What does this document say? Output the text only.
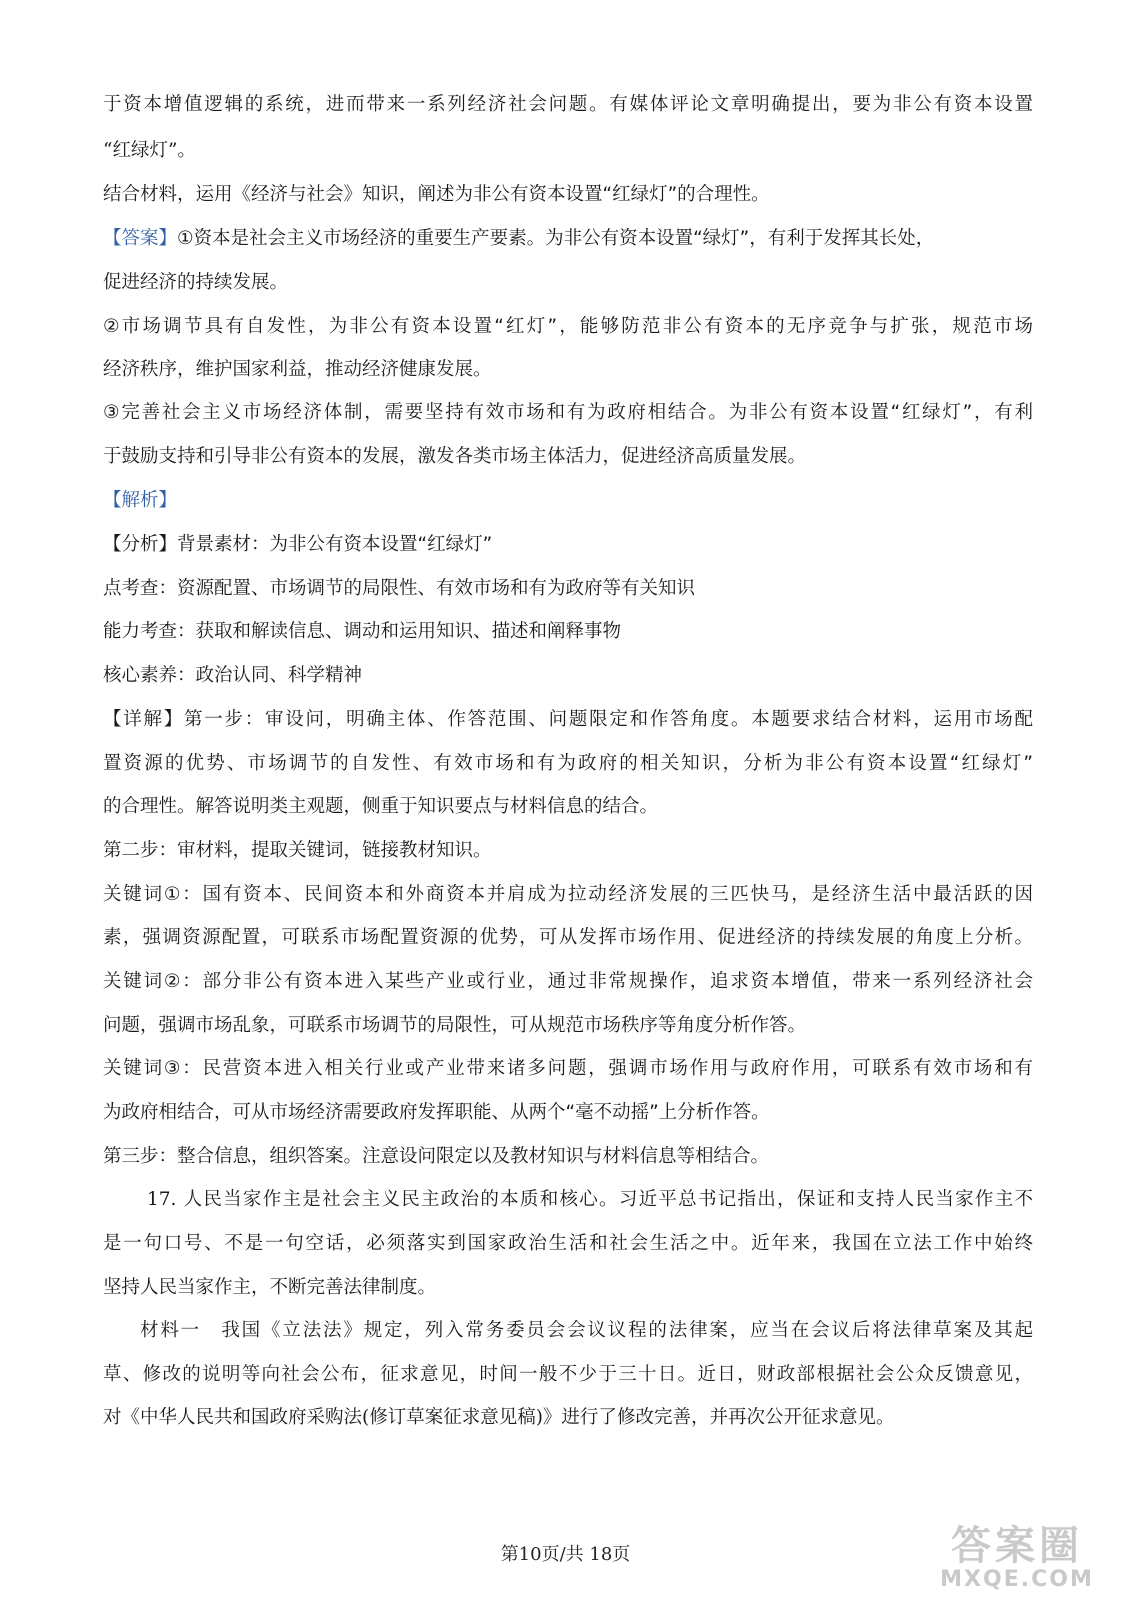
于资本增值逻辑的系统，进而带来一系列经济社会问题。有媒体评论文章明确提出，要为非公有资本设置
“红绿灯”。
结合材料，运用《经济与社会》知识，阐述为非公有资本设置“红绿灯”的合理性。
【答案】①资本是社会主义市场经济的重要生产要素。为非公有资本设置“绿灯”，有利于发挥其长处，
促进经济的持续发展。
②市场调节具有自发性，为非公有资本设置“红灯”，能够防范非公有资本的无序竞争与扩张，规范市场
经济秩序，维护国家利益，推动经济健康发展。
③完善社会主义市场经济体制，需要坚持有效市场和有为政府相结合。为非公有资本设置“红绿灯”，有利
于鼓励支持和引导非公有资本的发展，激发各类市场主体活力，促进经济高质量发展。
【解析】
【分析】背景素材：为非公有资本设置“红绿灯”
点考查：资源配置、市场调节的局限性、有效市场和有为政府等有关知识
能力考查：获取和解读信息、调动和运用知识、描述和阐释事物
核心素养：政治认同、科学精神
【详解】第一步：审设问，明确主体、作答范围、问题限定和作答角度。本题要求结合材料，运用市场配
置资源的优势、市场调节的自发性、有效市场和有为政府的相关知识，分析为非公有资本设置“红绿灯”
的合理性。解答说明类主观题，侧重于知识要点与材料信息的结合。
第二步：审材料，提取关键词，链接教材知识。
关键词①：国有资本、民间资本和外商资本并肩成为拉动经济发展的三匹快马，是经济生活中最活跃的因
素，强调资源配置，可联系市场配置资源的优势，可从发挥市场作用、促进经济的持续发展的角度上分析。
关键词②：部分非公有资本进入某些产业或行业，通过非常规操作，追求资本增值，带来一系列经济社会
问题，强调市场乱象，可联系市场调节的局限性，可从规范市场秩序等角度分析作答。
关键词③：民营资本进入相关行业或产业带来诸多问题，强调市场作用与政府作用，可联系有效市场和有
为政府相结合，可从市场经济需要政府发挥职能、从两个“毫不动摇”上分析作答。
第三步：整合信息，组织答案。注意设问限定以及教材知识与材料信息等相结合。
17. 人民当家作主是社会主义民主政治的本质和核心。习近平总书记指出，保证和支持人民当家作主不
是一句口号、不是一句空话，必须落实到国家政治生活和社会生活之中。近年来，我国在立法工作中始终
坚持人民当家作主，不断完善法律制度。
材料一　我国《立法法》规定，列入常务委员会会议议程的法律案，应当在会议后将法律草案及其起
草、修改的说明等向社会公布，征求意见，时间一般不少于三十日。近日，财政部根据社会公众反馈意见，
对《中华人民共和国政府采购法(修订草案征求意见稿)》进行了修改完善，并再次公开征求意见。
第10页/共 18页	答案圈
MXQE.COM
